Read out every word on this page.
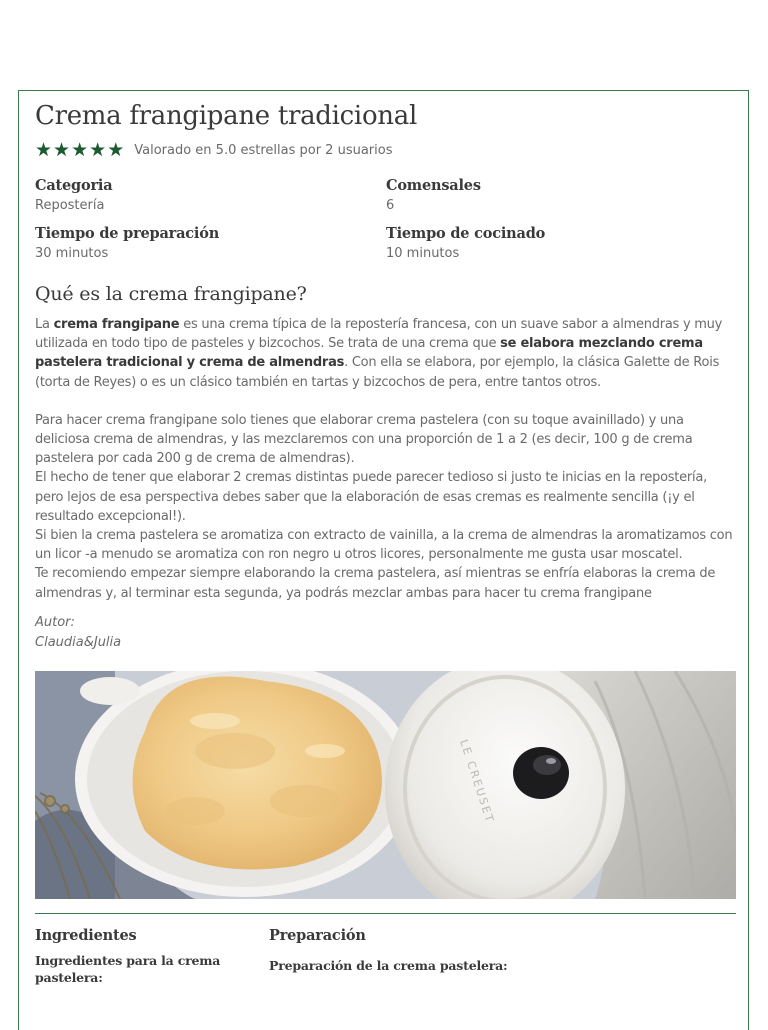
Crema frangipane tradicional
★ ★ ★ ★ ★ Valorado en 5.0 estrellas por 2 usuarios
Categoria
Repostería
Comensales
6
Tiempo de preparación
30 minutos
Tiempo de cocinado
10 minutos
Qué es la crema frangipane?

La crema frangipane es una crema típica de la repostería francesa, con un suave sabor a almendras y muy utilizada en todo tipo de pasteles y bizcochos. Se trata de una crema que se elabora mezclando crema pastelera tradicional y crema de almendras. Con ella se elabora, por ejemplo, la clásica Galette de Rois (torta de Reyes) o es un clásico también en tartas y bizcochos de pera, entre tantos otros.

Para hacer crema frangipane solo tienes que elaborar crema pastelera (con su toque avainillado) y una deliciosa crema de almendras, y las mezclaremos con una proporción de 1 a 2 (es decir, 100 g de crema pastelera por cada 200 g de crema de almendras).

El hecho de tener que elaborar 2 cremas distintas puede parecer tedioso si justo te inicias en la repostería, pero lejos de esa perspectiva debes saber que la elaboración de esas cremas es realmente sencilla (¡y el resultado excepcional!).

Si bien la crema pastelera se aromatiza con extracto de vainilla, a la crema de almendras la aromatizamos con un licor -a menudo se aromatiza con ron negro u otros licores, personalmente me gusta usar moscatel.

Te recomiendo empezar siempre elaborando la crema pastelera, así mientras se enfría elaboras la crema de almendras y, al terminar esta segunda, ya podrás mezclar ambas para hacer tu crema frangipane

Autor:
Claudia&Julia
LE CREUSET
Ingredientes
Ingredientes para la crema pastelera:
Preparación
Preparación de la crema pastelera:
